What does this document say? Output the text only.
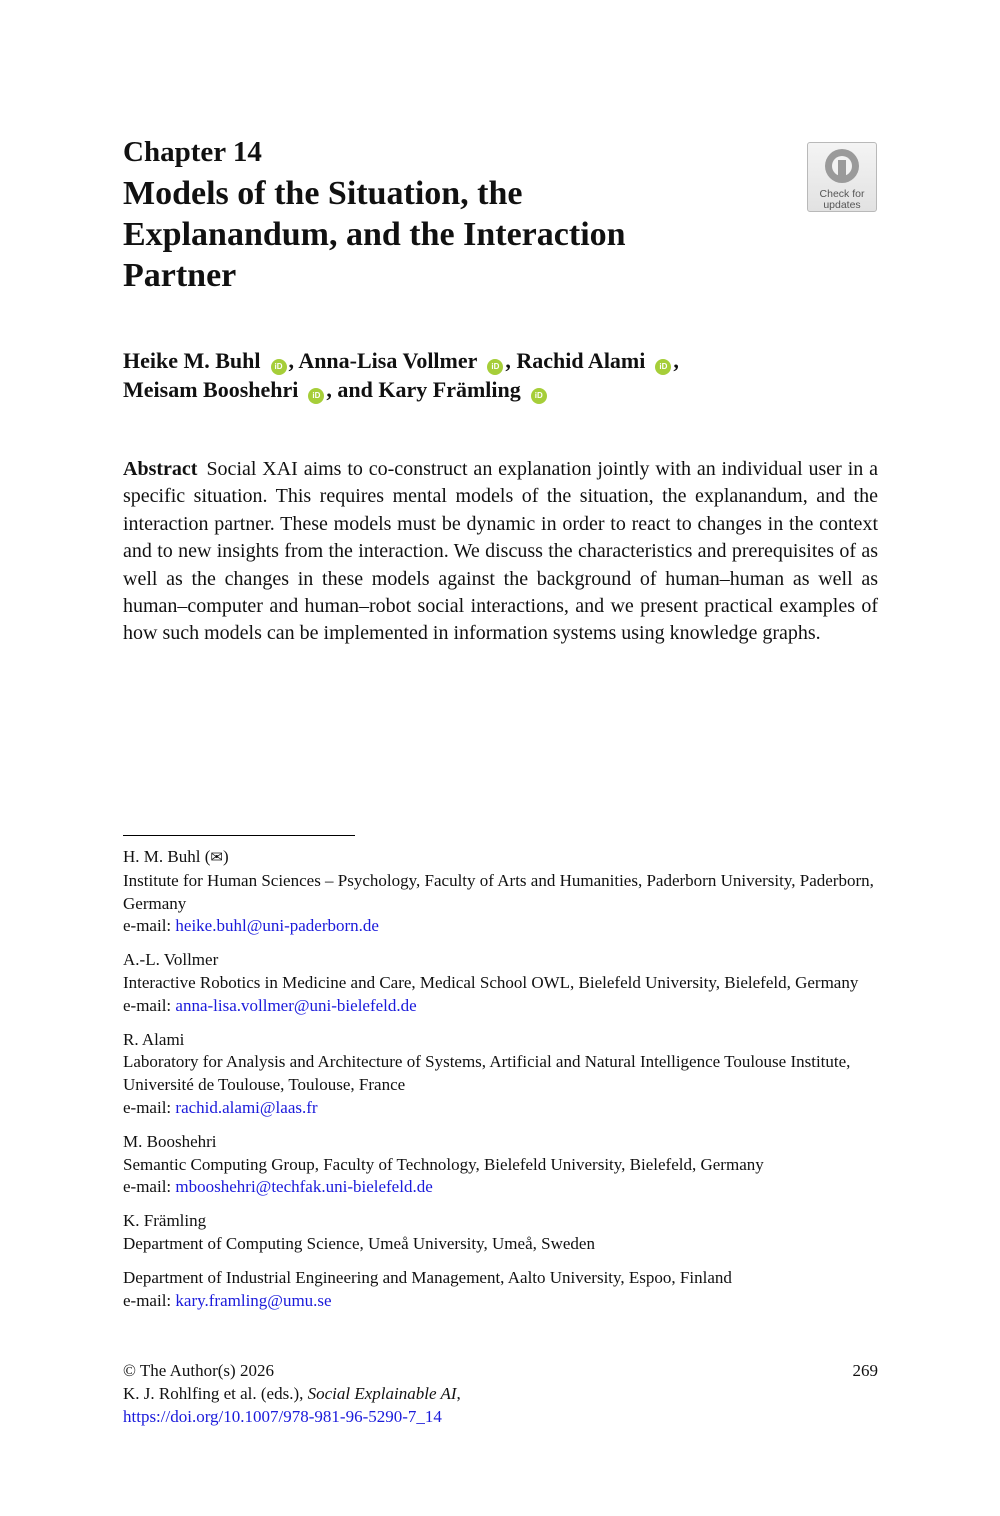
Chapter 14
Models of the Situation, the Explanandum, and the Interaction Partner
Check for
updates
Heike M. Buhl iD , Anna-Lisa Vollmer iD , Rachid Alami iD ,
Meisam Booshehri iD , and Kary Främling iD
Abstract Social XAI aims to co-construct an explanation jointly with an individual user in a specific situation. This requires mental models of the situation, the explanandum, and the interaction partner. These models must be dynamic in order to react to changes in the context and to new insights from the interaction. We discuss the characteristics and prerequisites of as well as the changes in these models against the background of human–human as well as human–computer and human–robot social interactions, and we present practical examples of how such models can be implemented in information systems using knowledge graphs.
H. M. Buhl (✉)
Institute for Human Sciences – Psychology, Faculty of Arts and Humanities, Paderborn University, Paderborn, Germany
e-mail: heike.buhl@uni-paderborn.de
A.-L. Vollmer
Interactive Robotics in Medicine and Care, Medical School OWL, Bielefeld University, Bielefeld, Germany
e-mail: anna-lisa.vollmer@uni-bielefeld.de
R. Alami
Laboratory for Analysis and Architecture of Systems, Artificial and Natural Intelligence Toulouse Institute, Université de Toulouse, Toulouse, France
e-mail: rachid.alami@laas.fr
M. Booshehri
Semantic Computing Group, Faculty of Technology, Bielefeld University, Bielefeld, Germany
e-mail: mbooshehri@techfak.uni-bielefeld.de
K. Främling
Department of Computing Science, Umeå University, Umeå, Sweden
Department of Industrial Engineering and Management, Aalto University, Espoo, Finland
e-mail: kary.framling@umu.se
© The Author(s) 2026
K. J. Rohlfing et al. (eds.), Social Explainable AI,
https://doi.org/10.1007/978-981-96-5290-7_14
269
